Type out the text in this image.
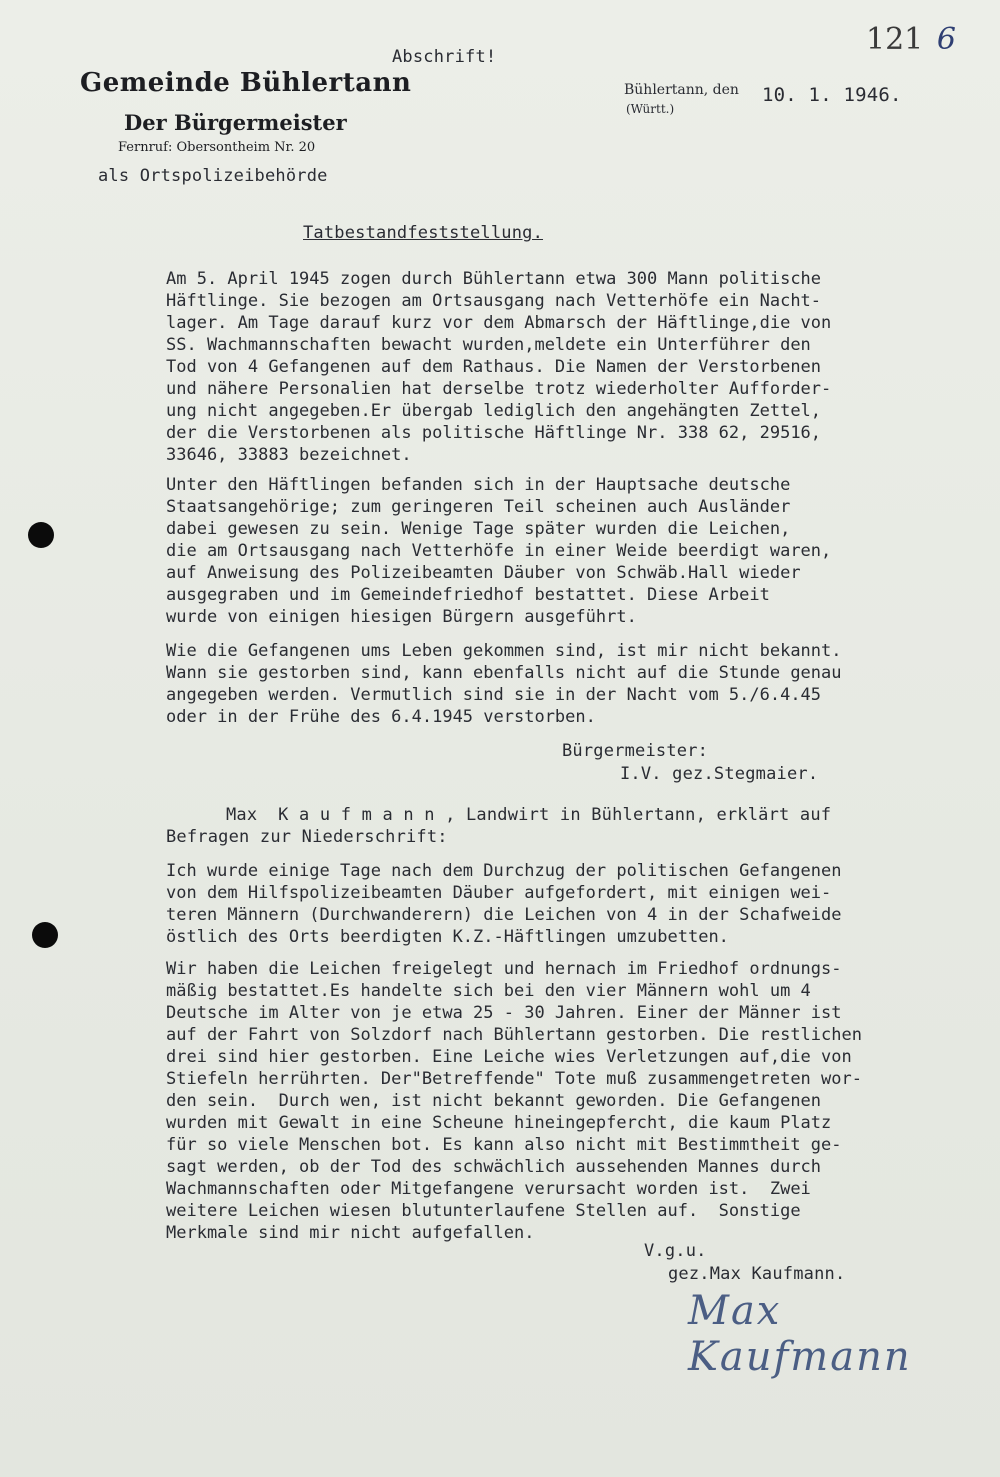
Abschrift!	121 6
Gemeinde Bühlertann
Der Bürgermeister
Fernruf: Obersontheim Nr. 20
als Ortspolizeibehörde
Bühlertann, den
(Württ.)
10. 1. 1946.
Tatbestandfeststellung.
Am 5. April 1945 zogen durch Bühlertann etwa 300 Mann politische
Häftlinge. Sie bezogen am Ortsausgang nach Vetterhöfe ein Nacht-
lager. Am Tage darauf kurz vor dem Abmarsch der Häftlinge,die von
SS. Wachmannschaften bewacht wurden,meldete ein Unterführer den
Tod von 4 Gefangenen auf dem Rathaus. Die Namen der Verstorbenen
und nähere Personalien hat derselbe trotz wiederholter Aufforder-
ung nicht angegeben.Er übergab lediglich den angehängten Zettel,
der die Verstorbenen als politische Häftlinge Nr. 338 62, 29516,
33646, 33883 bezeichnet.
Unter den Häftlingen befanden sich in der Hauptsache deutsche
Staatsangehörige; zum geringeren Teil scheinen auch Ausländer
dabei gewesen zu sein. Wenige Tage später wurden die Leichen,
die am Ortsausgang nach Vetterhöfe in einer Weide beerdigt waren,
auf Anweisung des Polizeibeamten Däuber von Schwäb.Hall wieder
ausgegraben und im Gemeindefriedhof bestattet. Diese Arbeit
wurde von einigen hiesigen Bürgern ausgeführt.
Wie die Gefangenen ums Leben gekommen sind, ist mir nicht bekannt.
Wann sie gestorben sind, kann ebenfalls nicht auf die Stunde genau
angegeben werden. Vermutlich sind sie in der Nacht vom 5./6.4.45
oder in der Frühe des 6.4.1945 verstorben.
Bürgermeister:
I.V. gez.Stegmaier.
Max  K a u f m a n n , Landwirt in Bühlertann, erklärt auf
Befragen zur Niederschrift:
Ich wurde einige Tage nach dem Durchzug der politischen Gefangenen
von dem Hilfspolizeibeamten Däuber aufgefordert, mit einigen wei-
teren Männern (Durchwanderern) die Leichen von 4 in der Schafweide
östlich des Orts beerdigten K.Z.-Häftlingen umzubetten.
Wir haben die Leichen freigelegt und hernach im Friedhof ordnungs-
mäßig bestattet.Es handelte sich bei den vier Männern wohl um 4
Deutsche im Alter von je etwa 25 - 30 Jahren. Einer der Männer ist
auf der Fahrt von Solzdorf nach Bühlertann gestorben. Die restlichen
drei sind hier gestorben. Eine Leiche wies Verletzungen auf,die von
Stiefeln herrührten. Der"Betreffende" Tote muß zusammengetreten wor-
den sein.  Durch wen, ist nicht bekannt geworden. Die Gefangenen
wurden mit Gewalt in eine Scheune hineingepfercht, die kaum Platz
für so viele Menschen bot. Es kann also nicht mit Bestimmtheit ge-
sagt werden, ob der Tod des schwächlich aussehenden Mannes durch
Wachmannschaften oder Mitgefangene verursacht worden ist.  Zwei
weitere Leichen wiesen blutunterlaufene Stellen auf.  Sonstige
Merkmale sind mir nicht aufgefallen.
V.g.u.
gez.Max Kaufmann.
Max Kaufmann
